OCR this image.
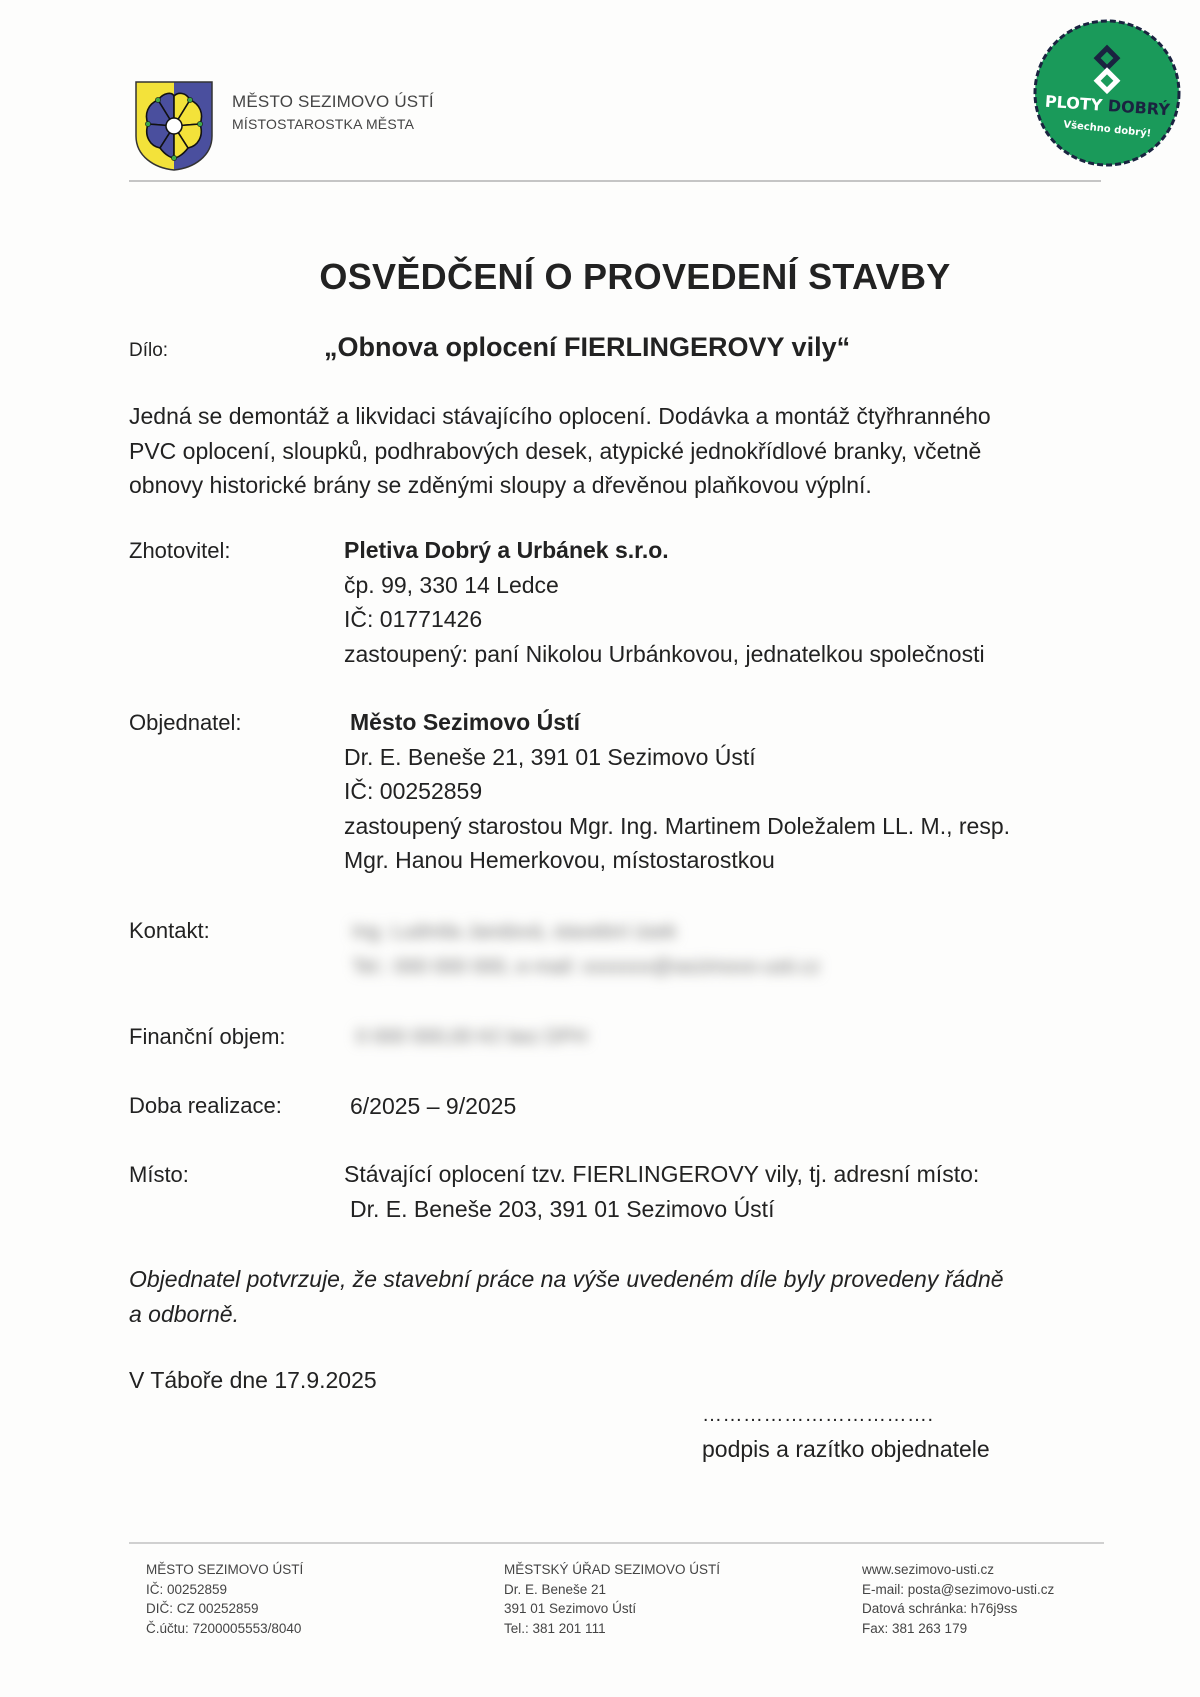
MĚSTO SEZIMOVO ÚSTÍ
MÍSTOSTAROSTKA MĚSTA
PLOTY DOBRÝ
Všechno dobrý!
OSVĚDČENÍ O PROVEDENÍ STAVBY
Dílo:	„Obnova oplocení FIERLINGEROVY vily“
Jedná se demontáž a likvidaci stávajícího oplocení. Dodávka a montáž čtyřhranného
PVC oplocení, sloupků, podhrabových desek, atypické jednokřídlové branky, včetně
obnovy historické brány se zděnými sloupy a dřevěnou plaňkovou výplní.
Zhotovitel:	Pletiva Dobrý a Urbánek s.r.o.
čp. 99, 330 14 Ledce
IČ: 01771426
zastoupený: paní Nikolou Urbánkovou, jednatelkou společnosti
Objednatel:	Město Sezimovo Ústí
Dr. E. Beneše 21, 391 01 Sezimovo Ústí
IČ: 00252859
zastoupený starostou Mgr. Ing. Martinem Doležalem LL. M., resp.
Mgr. Hanou Hemerkovou, místostarostkou
Kontakt:	Ing. Ludmila Jandová, stavební úsek
Tel.: 000 000 000, e-mail: xxxxxxx@sezimovo-usti.cz
Finanční objem:	0 000 000,00 Kč bez DPH
Doba realizace:	6/2025 – 9/2025
Místo:	Stávající oplocení tzv. FIERLINGEROVY vily, tj. adresní místo:
Dr. E. Beneše 203, 391 01 Sezimovo Ústí
Objednatel potvrzuje, že stavební práce na výše uvedeném díle byly provedeny řádně
a odborně.
V Táboře dne 17.9.2025
…………………………….
podpis a razítko objednatele
MĚSTO SEZIMOVO ÚSTÍ
IČ: 00252859
DIČ: CZ 00252859
Č.účtu: 7200005553/8040
MĚSTSKÝ ÚŘAD SEZIMOVO ÚSTÍ
Dr. E. Beneše 21
391 01 Sezimovo Ústí
Tel.: 381 201 111
www.sezimovo-usti.cz
E-mail: posta@sezimovo-usti.cz
Datová schránka: h76j9ss
Fax: 381 263 179
